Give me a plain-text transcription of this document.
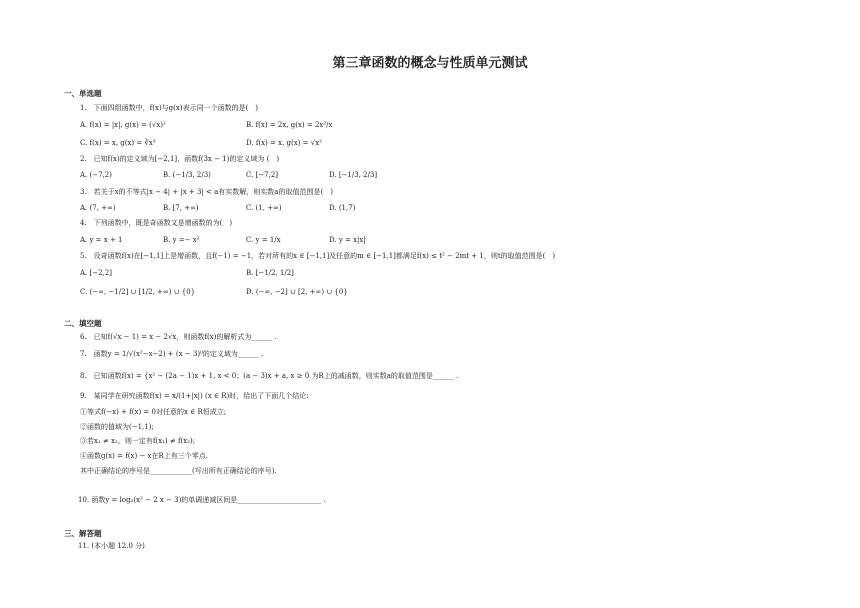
第三章函数的概念与性质单元测试
一、单选题
1.　下面四组函数中，f(x)与g(x)表示同一个函数的是(　)
A. f(x) = |x|, g(x) = (√x)²	B. f(x) = 2x, g(x) = 2x²/x
C. f(x) = x, g(x) = ∛x³	D. f(x) = x, g(x) = √x²
2.　已知f(x)的定义域为[−2,1]，函数f(3x − 1)的定义域为 (　)
A. (−7,2)	B. (−1/3, 2/3)	C. [−7,2]	D. [−1/3, 2/3]
3.　若关于x的不等式|x − 4| + |x + 3| < a有实数解，则实数a的取值范围是(　)
A. (7, +∞)	B. [7, +∞)	C. (1, +∞)	D. (1,7)
4.　下列函数中，既是奇函数又是增函数的为(　)
A. y = x + 1	B. y =− x²	C. y = 1/x	D. y = x|x|
5.　设奇函数f(x)在[−1,1]上是增函数，且f(−1) = −1，若对所有的x ∈ [−1,1]及任意的m ∈ [−1,1]都满足f(x) ≤ t² − 2mt + 1，则t的取值范围是(　)
A. [−2,2]	B. [−1/2, 1/2]
C. (−∞, −1/2] ∪ [1/2, +∞) ∪ {0}	D. (−∞, −2] ∪ [2, +∞) ∪ {0}
二、填空题
6.　已知f(√x − 1) = x − 2√x，则函数f(x)的解析式为______ .
7.　函数y = 1/√(x²−x−2) + (x − 3)⁰的定义域为______ .
8.　已知函数f(x) = {x² − (2a − 1)x + 1, x < 0；(a − 3)x + a, x ≥ 0 为R上的减函数，则实数a的取值范围是______ .
9.　某同学在研究函数f(x) = x/(1+|x|) (x ∈ R)时，给出了下面几个结论:
①等式f(−x) + f(x) = 0对任意的x ∈ R恒成立;
②函数的值域为(−1,1);
③若x₁ ≠ x₂，则一定有f(x₁) ≠ f(x₂);
④函数g(x) = f(x) − x在R上有三个零点.
其中正确结论的序号是____________(写出所有正确结论的序号).
10. 函数y = log₃(x² − 2 x − 3)的单调递减区间是________________________ .
三、解答题
11. (本小题 12.0 分)
